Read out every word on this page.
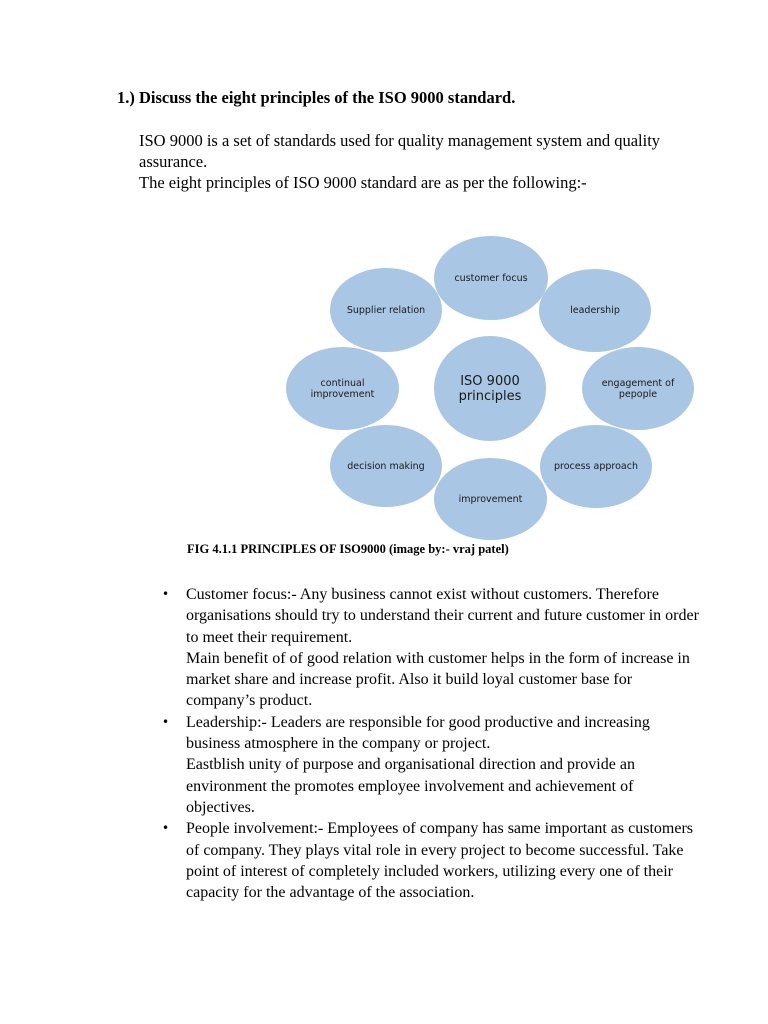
1.) Discuss the eight principles of the ISO 9000 standard.

ISO 9000 is a set of standards used for quality management system and quality assurance.

The eight principles of ISO 9000 standard are as per the following:-

customer focus
leadership
engagement of pepople
process approach
improvement
decision making
continual improvement
Supplier relation
ISO 9000 principles
FIG 4.1.1 PRINCIPLES OF ISO9000 (image by:- vraj patel)
• Customer focus:- Any business cannot exist without customers. Therefore organisations should try to understand their current and future customer in order to meet their requirement.

Main benefit of of good relation with customer helps in the form of increase in market share and increase profit. Also it build loyal customer base for company’s product.

• Leadership:- Leaders are responsible for good productive and increasing business atmosphere in the company or project.

Eastblish unity of purpose and organisational direction and provide an environment the promotes employee involvement and achievement of objectives.

• People involvement:- Employees of company has same important as customers of company. They plays vital role in every project to become successful. Take point of interest of completely included workers, utilizing every one of their capacity for the advantage of the association.
